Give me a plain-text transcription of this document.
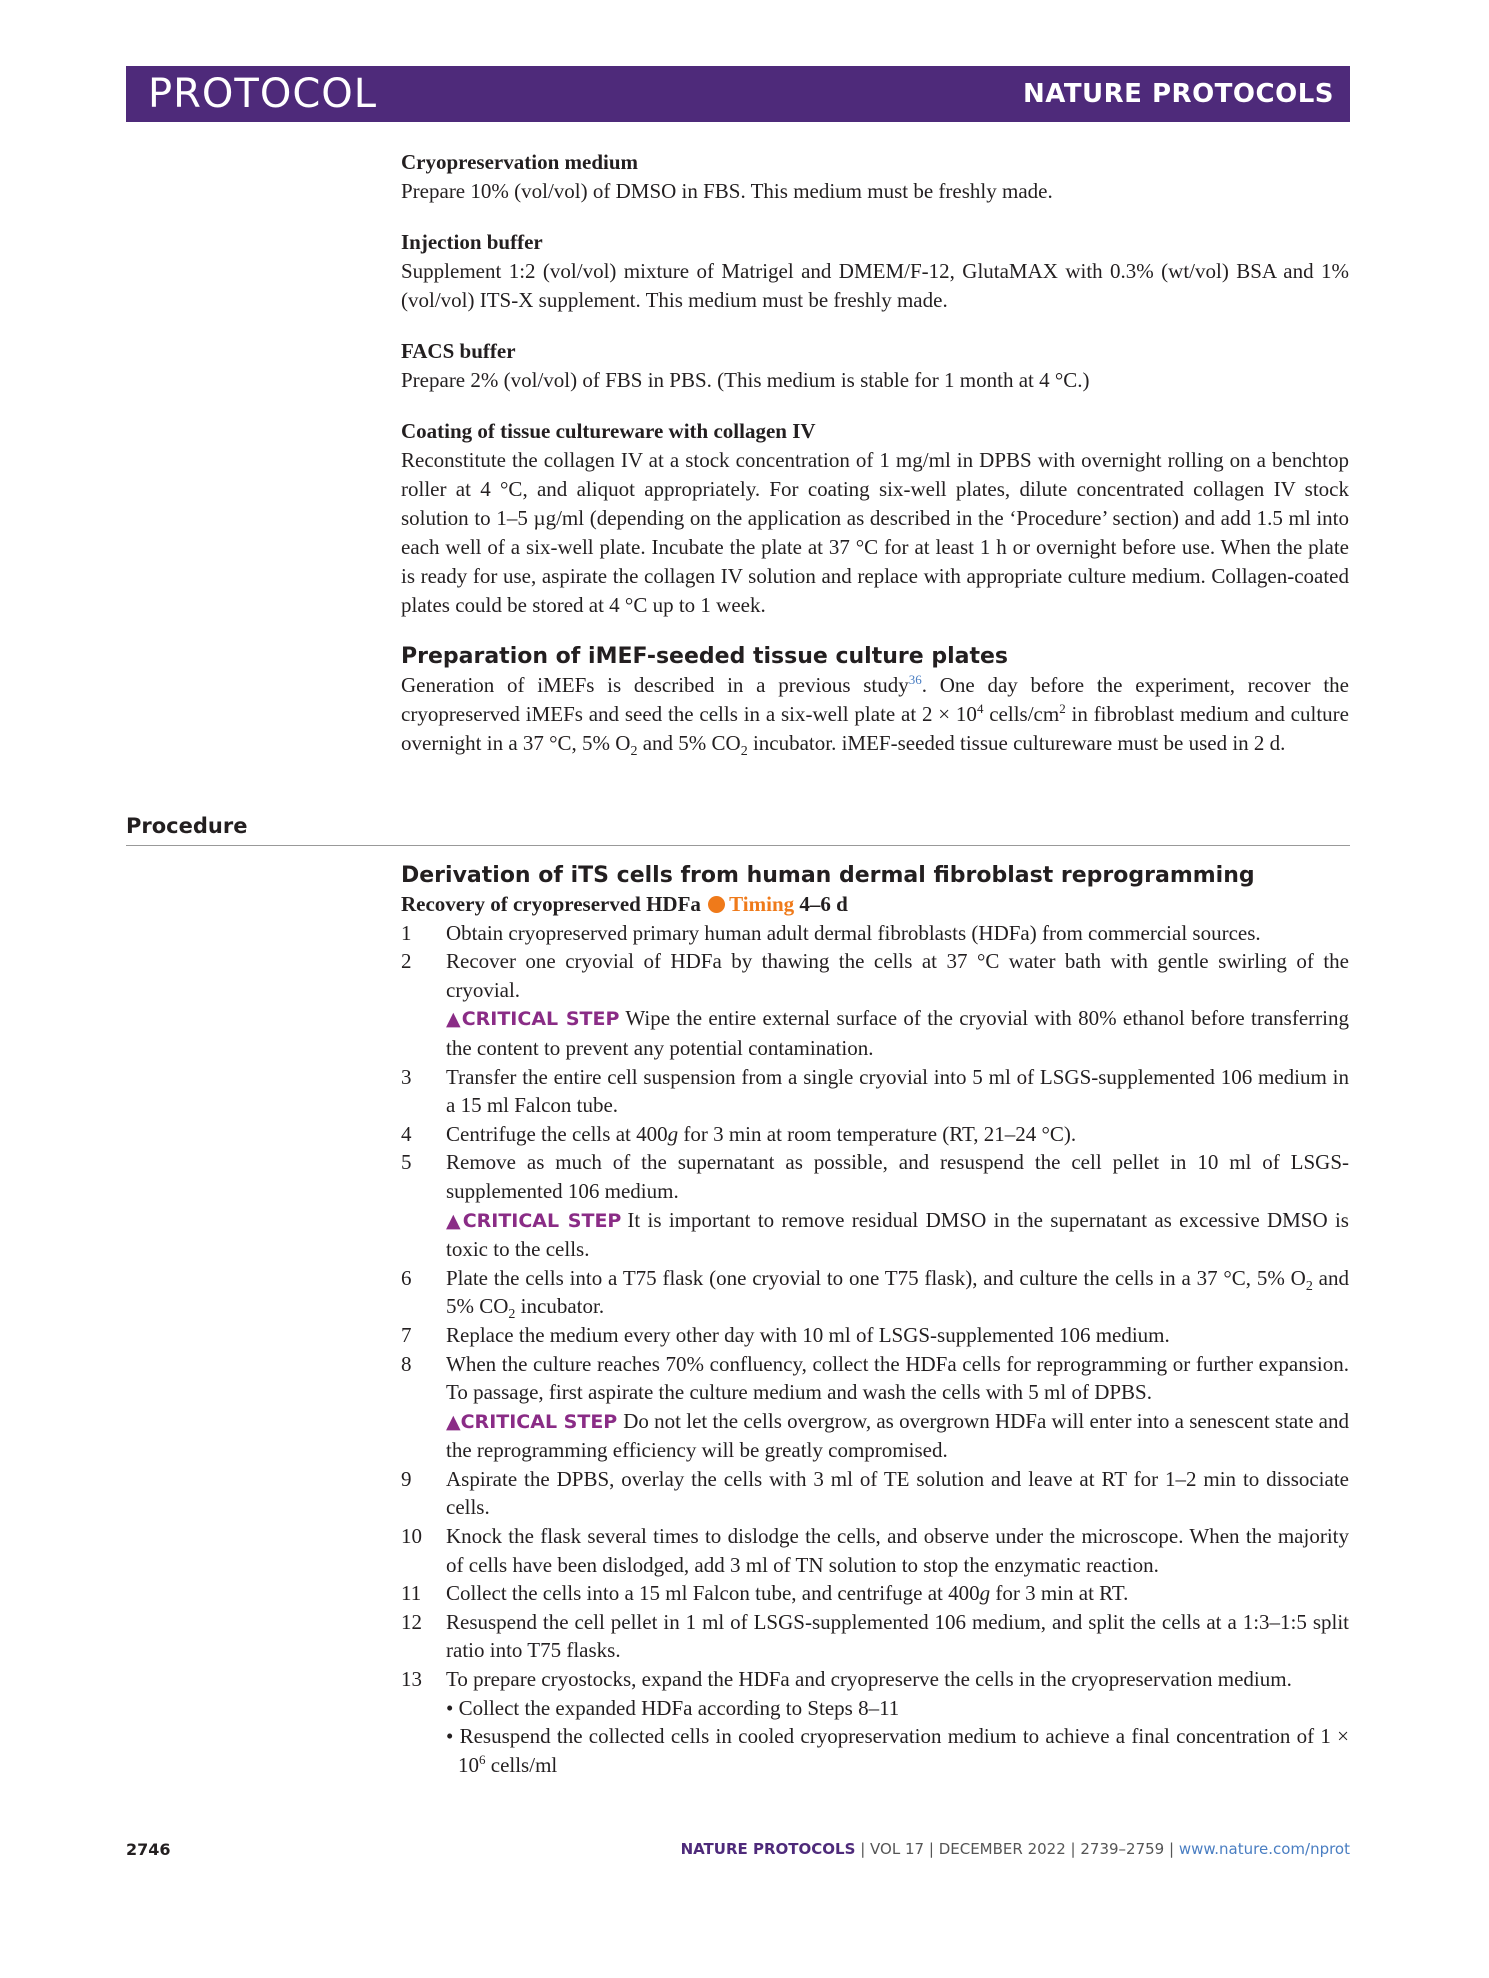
PROTOCOL	NATURE PROTOCOLS
Cryopreservation medium

Prepare 10% (vol/vol) of DMSO in FBS. This medium must be freshly made.

Injection buffer

Supplement 1:2 (vol/vol) mixture of Matrigel and DMEM/F-12, GlutaMAX with 0.3% (wt/vol) BSA and 1% (vol/vol) ITS-X supplement. This medium must be freshly made.

FACS buffer

Prepare 2% (vol/vol) of FBS in PBS. (This medium is stable for 1 month at 4 °C.)

Coating of tissue cultureware with collagen IV

Reconstitute the collagen IV at a stock concentration of 1 mg/ml in DPBS with overnight rolling on a benchtop roller at 4 °C, and aliquot appropriately. For coating six-well plates, dilute concentrated collagen IV stock solution to 1–5 µg/ml (depending on the application as described in the ‘Procedure’ section) and add 1.5 ml into each well of a six-well plate. Incubate the plate at 37 °C for at least 1 h or overnight before use. When the plate is ready for use, aspirate the collagen IV solution and replace with appropriate culture medium. Collagen-coated plates could be stored at 4 °C up to 1 week.

Preparation of iMEF-seeded tissue culture plates

Generation of iMEFs is described in a previous study$^{36}$. One day before the experiment, recover the cryopreserved iMEFs and seed the cells in a six-well plate at $2 \times 10^4$ cells/$cm^2$ in fibroblast medium and culture overnight in a 37 °C, 5% $O_2$ and 5% $CO_2$ incubator. iMEF-seeded tissue cultureware must be used in 2 d.

Procedure
Derivation of iTS cells from human dermal fibroblast reprogramming
Recovery of cryopreserved HDFa Timing 4–6 d
1	Obtain cryopreserved primary human adult dermal fibroblasts (HDFa) from commercial sources.
2	Recover one cryovial of HDFa by thawing the cells at 37 °C water bath with gentle swirling of the cryovial.
▲CRITICAL STEP Wipe the entire external surface of the cryovial with 80% ethanol before transferring the content to prevent any potential contamination.
3	Transfer the entire cell suspension from a single cryovial into 5 ml of LSGS-supplemented 106 medium in a 15 ml Falcon tube.
4	Centrifuge the cells at 400g for 3 min at room temperature (RT, 21–24 °C).
5	Remove as much of the supernatant as possible, and resuspend the cell pellet in 10 ml of LSGS-supplemented 106 medium.
▲CRITICAL STEP It is important to remove residual DMSO in the supernatant as excessive DMSO is toxic to the cells.
6	Plate the cells into a T75 flask (one cryovial to one T75 flask), and culture the cells in a 37 °C, 5% $O_2$ and 5% $CO_2$ incubator.
7	Replace the medium every other day with 10 ml of LSGS-supplemented 106 medium.
8	When the culture reaches 70% confluency, collect the HDFa cells for reprogramming or further expansion. To passage, first aspirate the culture medium and wash the cells with 5 ml of DPBS.
▲CRITICAL STEP Do not let the cells overgrow, as overgrown HDFa will enter into a senescent state and the reprogramming efficiency will be greatly compromised.
9	Aspirate the DPBS, overlay the cells with 3 ml of TE solution and leave at RT for 1–2 min to dissociate cells.
10	Knock the flask several times to dislodge the cells, and observe under the microscope. When the majority of cells have been dislodged, add 3 ml of TN solution to stop the enzymatic reaction.
11	Collect the cells into a 15 ml Falcon tube, and centrifuge at 400g for 3 min at RT.
12	Resuspend the cell pellet in 1 ml of LSGS-supplemented 106 medium, and split the cells at a 1:3–1:5 split ratio into T75 flasks.
13	To prepare cryostocks, expand the HDFa and cryopreserve the cells in the cryopreservation medium.
• Collect the expanded HDFa according to Steps 8–11
• Resuspend the collected cells in cooled cryopreservation medium to achieve a final concentration of $1 \times 10^6$ cells/ml
2746	NATURE PROTOCOLS | VOL 17 | DECEMBER 2022 | 2739–2759 | www.nature.com/nprot
